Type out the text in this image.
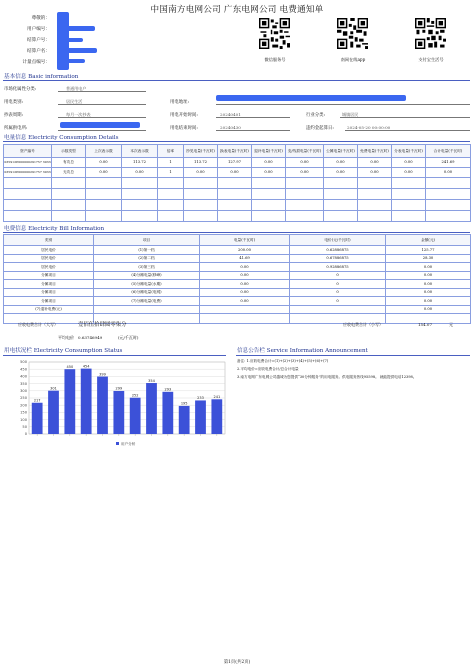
中国南方电网公司 广东电网公司 电费通知单
尊敬的：
用户编号：
结算户号：
结算户名：
计量点编号：
微信服务号	南网在线app	支付宝生活号
基本信息 Basic information
市场化属性分类:	普通用电户
用电类别:	居民生活	用电地址:
抄表周期:	每月一次抄表	用电开始时间:	20240401	行业分类:	城镇居民
所属供电所:	用电结束时间:	20240430	违约金起算日:	2024-05-20 00:00:00
电量信息 Electricity Consumption Details
资产编号	示数类型	上次表示数	本次表示数	倍率	抄见电量(千瓦时)	换表电量(千瓦时)	退补电量(千瓦时)	变/线损电量(千瓦时)	公摊电量(千瓦时)	免费电量(千瓦时)	分表电量(千瓦时)	合计电量(千瓦时)
035912P000000291757 3933	有功总	0.00	113.72	1	113.72	127.97	0.00	0.00	0.00	0.00	0.00	241.69
035912P000000291757 3933	无功总	0.00	0.00	1	0.00	0.00	0.00	0.00	0.00	0.00	0.00	0.00

电费信息 Electricity Bill Information
类别	项目	电量(千瓦时)	电价(元/千瓦时)	金额(元)
居民电价	(1)第一档	200.00	0.62886875	125.77
居民电价	(2)第二档	41.69	0.67886875	28.30
居民电价	(3)第三档	0.00	0.92886875	0.00
分摊项目	(4)分摊电量(移峰)	0.00	0	0.00
分摊项目	(5)分摊电量(水期)	0.00	0	0.00
分摊项目	(6)分摊电量(电网)	0.00	0	0.00
分摊项目	(7)分摊电量(电费)	0.00	0	0.00
(7)退补电费(元)				0.00

应收电费合计（大写）	壹佰伍拾肆圆零柒分	应收电费合计（小写）	154.07	元
平均电价 0.63746949	(元/千瓦时)
用电状况栏 Electricity Consumption Status
0
50
100
150
200
250
300
350
400
450
500
217
301
450	454
399
299
252
354
293
195
233	241
用户分析
信息公告栏 Service Information Announcement
备注: 1.应收电费合计=(1)+(2)+(3)+(4)+(5)+(6)+(7)
2.平均电价=应收电费合计/总合计电量
3.南方电网广东电网公司越城为您提供“30分钟服务”的用电服务。供电服务热线95598。 就能提供电话12398。
第1页(共2页)
